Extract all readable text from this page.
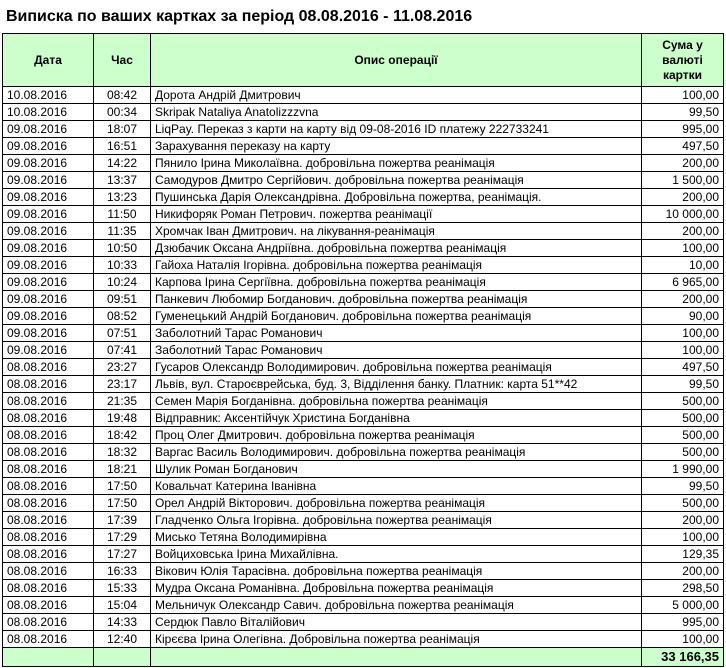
Виписка по ваших картках за період 08.08.2016 - 11.08.2016
Дата	Час	Опис операції	Сума у валюті картки
10.08.2016	08:42	Дорота Андрій Дмитрович	100,00
10.08.2016	00:34	Skripak Nataliya Anatolizzzvna	99,50
09.08.2016	18:07	LiqPay. Переказ з карти на карту від 09-08-2016 ID платежу 222733241	995,00
09.08.2016	16:51	Зарахування переказу на карту	497,50
09.08.2016	14:22	Пянило Ірина Миколаївна. добровільна пожертва реанімація	200,00
09.08.2016	13:37	Самодуров Дмитро Сергійович. добровільна пожертва реанімація	1 500,00
09.08.2016	13:23	Пушинська Дарія Олександрівна. Добровільна пожертва, реанімація.	200,00
09.08.2016	11:50	Никифоряк Роман Петрович. пожертва реанімації	10 000,00
09.08.2016	11:35	Хромчак Іван Дмитрович. на лікування-реанімація	200,00
09.08.2016	10:50	Дзюбачик Оксана Андріївна. добровільна пожертва реанімація	100,00
09.08.2016	10:33	Гайоха Наталія Ігорівна. добровільна пожертва реанімація	10,00
09.08.2016	10:24	Карпова Ірина Сергіївна. добровільна пожертва реанімація	6 965,00
09.08.2016	09:51	Панкевич Любомир Богданович. добровільна пожертва реанімація	200,00
09.08.2016	08:52	Гуменецький Андрій Богданович. добровільна пожертва реанімація	90,00
09.08.2016	07:51	Заболотний Тарас Романович	100,00
09.08.2016	07:41	Заболотний Тарас Романович	100,00
08.08.2016	23:27	Гусаров Олександр Володимирович. добровільна пожертва реанімація	497,50
08.08.2016	23:17	Львів, вул. Староєврейська, буд. 3, Відділення банку. Платник: карта 51**42	99,50
08.08.2016	21:35	Семен Марія Богданівна. добровільна пожертва реанімація	500,00
08.08.2016	19:48	Відправник: Аксентійчук Христина Богданівна	500,00
08.08.2016	18:42	Проц Олег Дмитрович. добровільна пожертва реанімація	500,00
08.08.2016	18:32	Варгас Василь Володимирович. добровільна пожертва реанімація	500,00
08.08.2016	18:21	Шулик Роман Богданович	1 990,00
08.08.2016	17:50	Ковальчат Катерина Іванівна	99,50
08.08.2016	17:50	Орел Андрій Вікторович. добровільна пожертва реанімація	500,00
08.08.2016	17:39	Гладченко Ольга Ігорівна. добровільна пожертва реанімація	200,00
08.08.2016	17:29	Мисько Тетяна Володимирівна	100,00
08.08.2016	17:27	Войциховська Ірина Михайлівна.	129,35
08.08.2016	16:33	Вікович Юлія Тарасівна. добровільна пожертва реанімація	200,00
08.08.2016	15:33	Мудра Оксана Романівна. Добровільна пожертва реанімація	298,50
08.08.2016	15:04	Мельничук Олександр Савич. добровільна пожертва реанімація	5 000,00
08.08.2016	14:33	Сердюк Павло Віталійович	995,00
08.08.2016	12:40	Кірєєва Ірина Олегівна. Добровільна пожертва реанімація	100,00
			33 166,35
